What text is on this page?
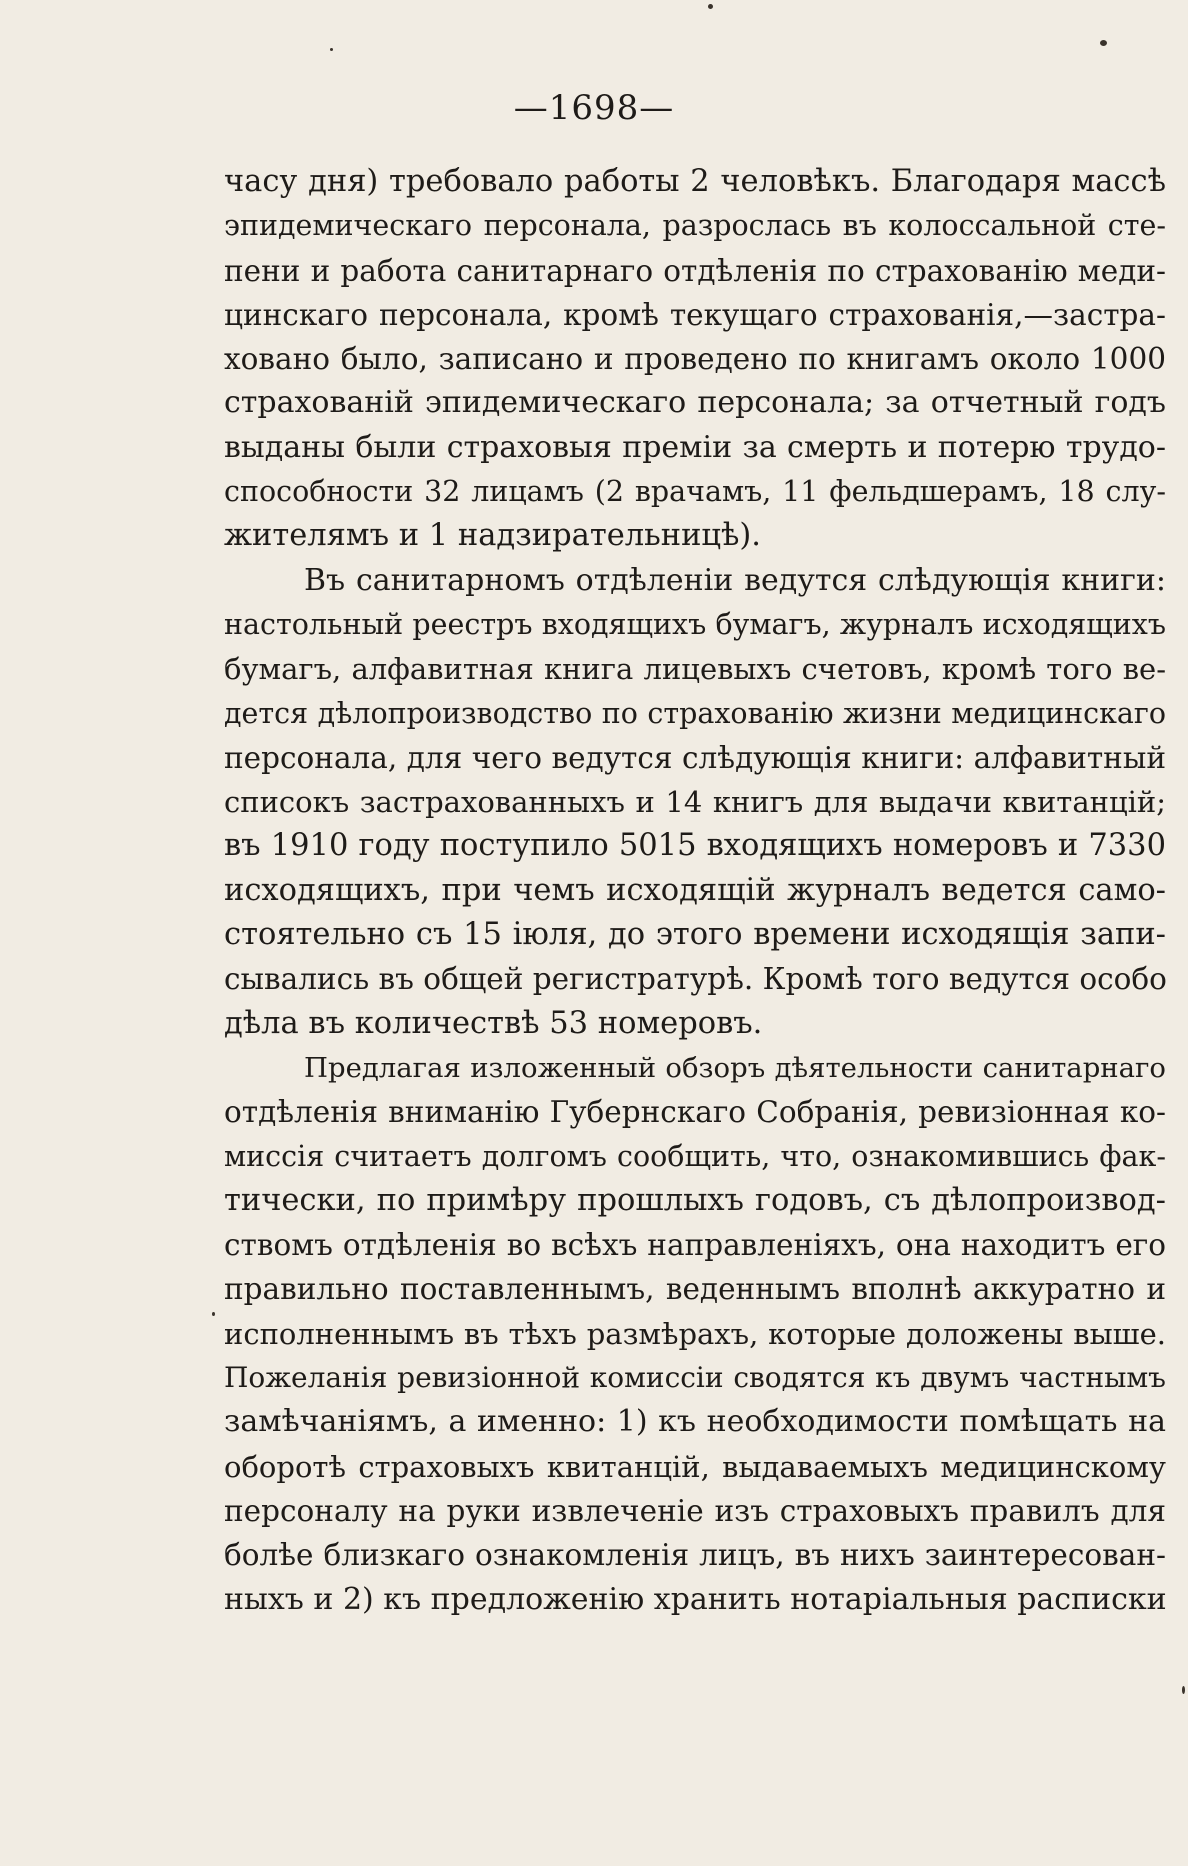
—1698—
часу дня) требовало работы 2 человѣкъ. Благодаря массѣ
эпидемическаго персонала, разрослась въ колоссальной сте-
пени и работа санитарнаго отдѣленія по страхованію меди-
цинскаго персонала, кромѣ текущаго страхованія,—застра-
ховано было, записано и проведено по книгамъ около 1000
страхованій эпидемическаго персонала; за отчетный годъ
выданы были страховыя преміи за смерть и потерю трудо-
способности 32 лицамъ (2 врачамъ, 11 фельдшерамъ, 18 слу-
жителямъ и 1 надзирательницѣ).
Въ санитарномъ отдѣленіи ведутся слѣдующія книги:
настольный реестръ входящихъ бумагъ, журналъ исходящихъ
бумагъ, алфавитная книга лицевыхъ счетовъ, кромѣ того ве-
дется дѣлопроизводство по страхованію жизни медицинскаго
персонала, для чего ведутся слѣдующія книги: алфавитный
списокъ застрахованныхъ и 14 книгъ для выдачи квитанцій;
въ 1910 году поступило 5015 входящихъ номеровъ и 7330
исходящихъ, при чемъ исходящій журналъ ведется само-
стоятельно съ 15 іюля, до этого времени исходящія запи-
сывались въ общей регистратурѣ. Кромѣ того ведутся особо
дѣла въ количествѣ 53 номеровъ.
Предлагая изложенный обзоръ дѣятельности санитарнаго
отдѣленія вниманію Губернскаго Собранія, ревизіонная ко-
миссія считаетъ долгомъ сообщить, что, ознакомившись фак-
тически, по примѣру прошлыхъ годовъ, съ дѣлопроизвод-
ствомъ отдѣленія во всѣхъ направленіяхъ, она находитъ его
правильно поставленнымъ, веденнымъ вполнѣ аккуратно и
исполненнымъ въ тѣхъ размѣрахъ, которые доложены выше.
Пожеланія ревизіонной комиссіи сводятся къ двумъ частнымъ
замѣчаніямъ, а именно: 1) къ необходимости помѣщать на
оборотѣ страховыхъ квитанцій, выдаваемыхъ медицинскому
персоналу на руки извлеченіе изъ страховыхъ правилъ для
болѣе близкаго ознакомленія лицъ, въ нихъ заинтересован-
ныхъ и 2) къ предложенію хранить нотаріальныя расписки
